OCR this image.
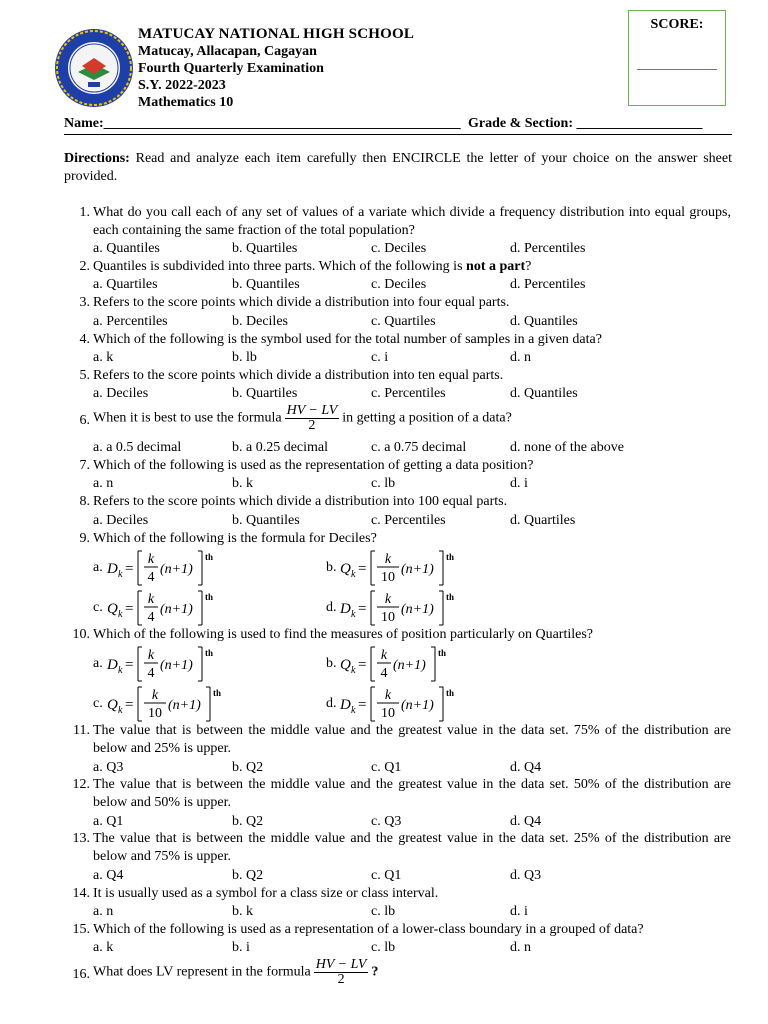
MATUCAY NATIONAL HIGH SCHOOL
Matucay, Allacapan, Cagayan
Fourth Quarterly Examination
S.Y. 2022-2023
Mathematics 10
SCORE:
Name:___________________________________________________ Grade & Section: __________________
Directions: Read and analyze each item carefully then ENCIRCLE the letter of your choice on the answer sheet provided.
1. What do you call each of any set of values of a variate which divide a frequency distribution into equal groups, each containing the same fraction of the total population?
a. Quantiles	b. Quartiles	c. Deciles	d. Percentiles
2. Quantiles is subdivided into three parts. Which of the following is not a part?
a. Quartiles	b. Quantiles	c. Deciles	d. Percentiles
3. Refers to the score points which divide a distribution into four equal parts.
a. Percentiles	b. Deciles	c. Quartiles	d. Quantiles
4. Which of the following is the symbol used for the total number of samples in a given data?
a. k	b. lb	c. i	d. n
5. Refers to the score points which divide a distribution into ten equal parts.
a. Deciles	b. Quartiles	c. Percentiles	d. Quantiles
6. When it is best to use the formula $\frac{HV - LV}{2}$ in getting a position of a data?
a. a 0.5 decimal	b. a 0.25 decimal	c. a 0.75 decimal	d. none of the above
7. Which of the following is used as the representation of getting a data position?
a. n	b. k	c. lb	d. i
8. Refers to the score points which divide a distribution into 100 equal parts.
a. Deciles	b. Quantiles	c. Percentiles	d. Quartiles
9. Which of the following is the formula for Deciles?
a. D k =
k
4
(n+1)
th
b. Q k =
k
10
(n+1)
th
c. Q k =
k
4
(n+1)
th
d. D k =
k
10
(n+1)
th
10. Which of the following is used to find the measures of position particularly on Quartiles?
a. D k =
k
4
(n+1)
th
b. Q k =
k
4
(n+1)
th
c. Q k =
k
10
(n+1)
th
d. D k =
k
10
(n+1)
th
11. The value that is between the middle value and the greatest value in the data set. 75% of the distribution are below and 25% is upper.
a. Q3	b. Q2	c. Q1	d. Q4
12. The value that is between the middle value and the greatest value in the data set. 50% of the distribution are below and 50% is upper.
a. Q1	b. Q2	c. Q3	d. Q4
13. The value that is between the middle value and the greatest value in the data set. 25% of the distribution are below and 75% is upper.
a. Q4	b. Q2	c. Q1	d. Q3
14. It is usually used as a symbol for a class size or class interval.
a. n	b. k	c. lb	d. i
15. Which of the following is used as a representation of a lower-class boundary in a grouped of data?
a. k	b. i	c. lb	d. n
16. What does LV represent in the formula $\frac{HV - LV}{2}$ ?
